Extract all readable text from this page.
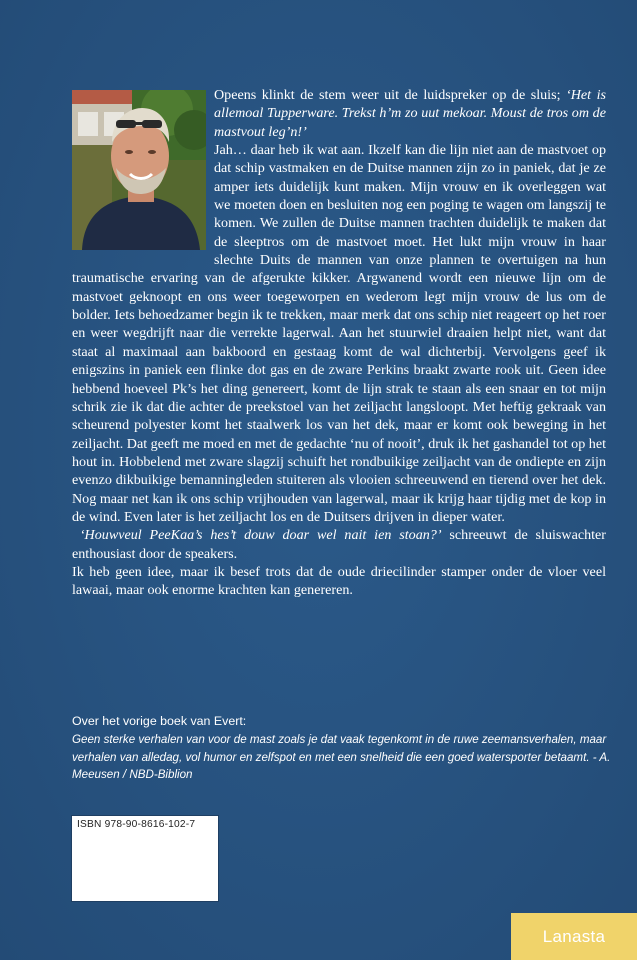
Opeens klinkt de stem weer uit de luidspreker op de sluis; ‘Het is allemoal Tupperware. Trekst h’m zo uut mekoar. Moust de tros om de mastvout leg’n!’

Jah… daar heb ik wat aan. Ikzelf kan die lijn niet aan de mastvoet op dat schip vastmaken en de Duitse mannen zijn zo in paniek, dat je ze amper iets duidelijk kunt maken. Mijn vrouw en ik overleggen wat we moeten doen en besluiten nog een poging te wagen om langszij te komen. We zullen de Duitse mannen trachten duidelijk te maken dat de sleeptros om de mastvoet moet. Het lukt mijn vrouw in haar slechte Duits de mannen van onze plannen te overtuigen na hun traumatische ervaring van de afgerukte kikker. Argwanend wordt een nieuwe lijn om de mastvoet geknoopt en ons weer toegeworpen en wederom legt mijn vrouw de lus om de bolder. Iets behoedzamer begin ik te trekken, maar merk dat ons schip niet reageert op het roer en weer wegdrijft naar die verrekte lagerwal. Aan het stuurwiel draaien helpt niet, want dat staat al maximaal aan bakboord en gestaag komt de wal dichterbij. Vervolgens geef ik enigszins in paniek een flinke dot gas en de zware Perkins braakt zwarte rook uit. Geen idee hebbend hoeveel Pk’s het ding genereert, komt de lijn strak te staan als een snaar en tot mijn schrik zie ik dat die achter de preekstoel van het zeiljacht langsloopt. Met heftig gekraak van scheurend polyester komt het staalwerk los van het dek, maar er komt ook beweging in het zeiljacht. Dat geeft me moed en met de gedachte ‘nu of nooit’, druk ik het gashandel tot op het hout in. Hobbelend met zware slagzij schuift het rondbuikige zeiljacht van de ondiepte en zijn evenzo dikbuikige bemanningleden stuiteren als vlooien schreeuwend en tierend over het dek. Nog maar net kan ik ons schip vrijhouden van lagerwal, maar ik krijg haar tijdig met de kop in de wind. Even later is het zeiljacht los en de Duitsers drijven in dieper water.

‘Houwveul PeeKaa’s hes’t douw doar wel nait ien stoan?’ schreeuwt de sluiswachter enthousiast door de speakers.

Ik heb geen idee, maar ik besef trots dat de oude driecilinder stamper onder de vloer veel lawaai, maar ook enorme krachten kan genereren.

Over het vorige boek van Evert:
Geen sterke verhalen van voor de mast zoals je dat vaak tegenkomt in de ruwe zeemansverhalen, maar verhalen van alledag, vol humor en zelfspot en met een snelheid die een goed watersporter betaamt. - A. Meeusen / NBD-Biblion
ISBN 978-90-8616-102-7
Lanasta
